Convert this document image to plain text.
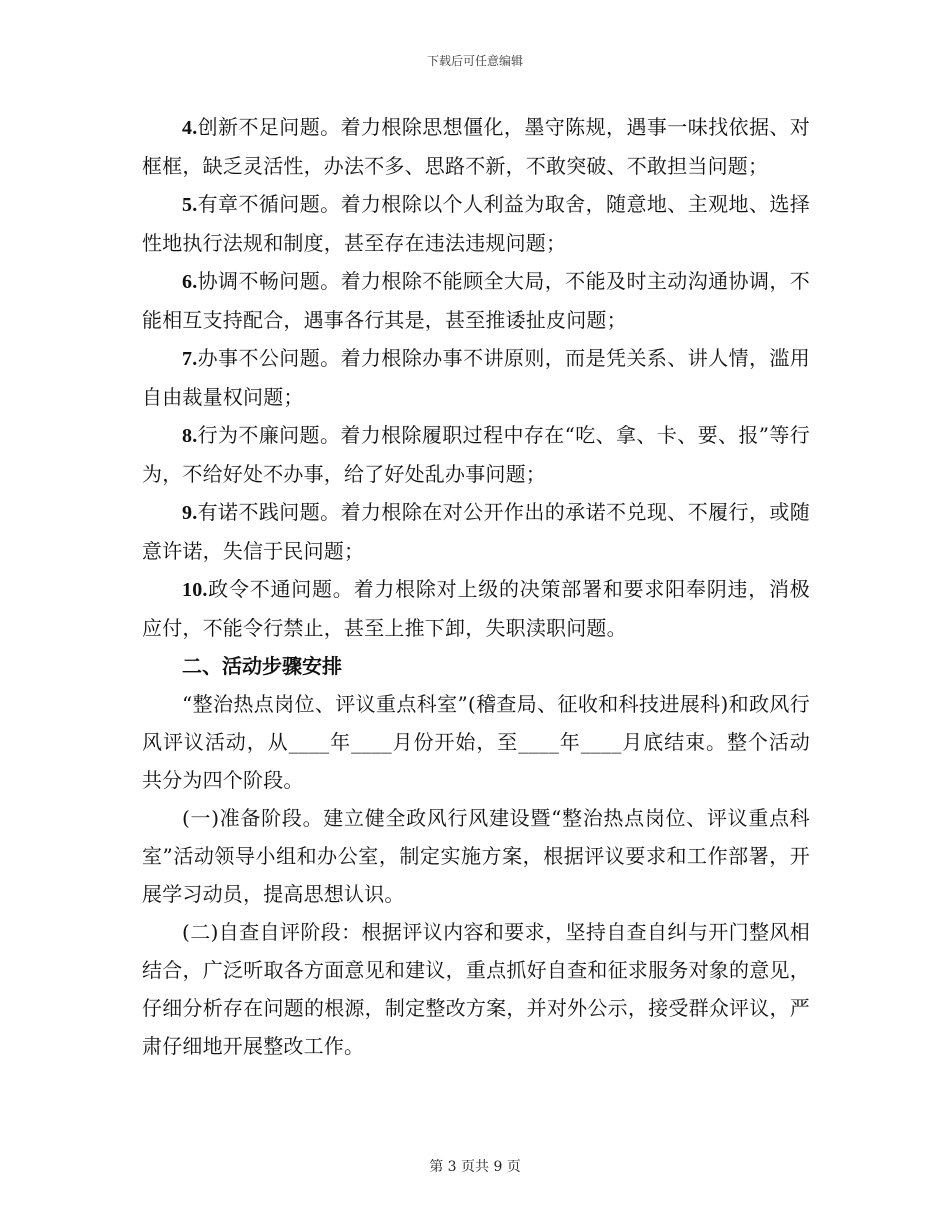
下载后可任意编辑

4.创新不足问题。着力根除思想僵化，墨守陈规，遇事一味找依据、对框框，缺乏灵活性，办法不多、思路不新，不敢突破、不敢担当问题；

5.有章不循问题。着力根除以个人利益为取舍，随意地、主观地、选择性地执行法规和制度，甚至存在违法违规问题；

6.协调不畅问题。着力根除不能顾全大局，不能及时主动沟通协调，不能相互支持配合，遇事各行其是，甚至推诿扯皮问题；

7.办事不公问题。着力根除办事不讲原则，而是凭关系、讲人情，滥用自由裁量权问题；

8.行为不廉问题。着力根除履职过程中存在“吃、拿、卡、要、报”等行为，不给好处不办事，给了好处乱办事问题；

9.有诺不践问题。着力根除在对公开作出的承诺不兑现、不履行，或随意许诺，失信于民问题；

10.政令不通问题。着力根除对上级的决策部署和要求阳奉阴违，消极应付，不能令行禁止，甚至上推下卸，失职渎职问题。

二、活动步骤安排

“整治热点岗位、评议重点科室”(稽查局、征收和科技进展科)和政风行风评议活动，从____年____月份开始，至____年____月底结束。整个活动共分为四个阶段。

(一)准备阶段。建立健全政风行风建设暨“整治热点岗位、评议重点科室”活动领导小组和办公室，制定实施方案，根据评议要求和工作部署，开展学习动员，提高思想认识。

(二)自查自评阶段：根据评议内容和要求，坚持自查自纠与开门整风相结合，广泛听取各方面意见和建议，重点抓好自查和征求服务对象的意见，仔细分析存在问题的根源，制定整改方案，并对外公示，接受群众评议，严肃仔细地开展整改工作。

第 3 页共 9 页
